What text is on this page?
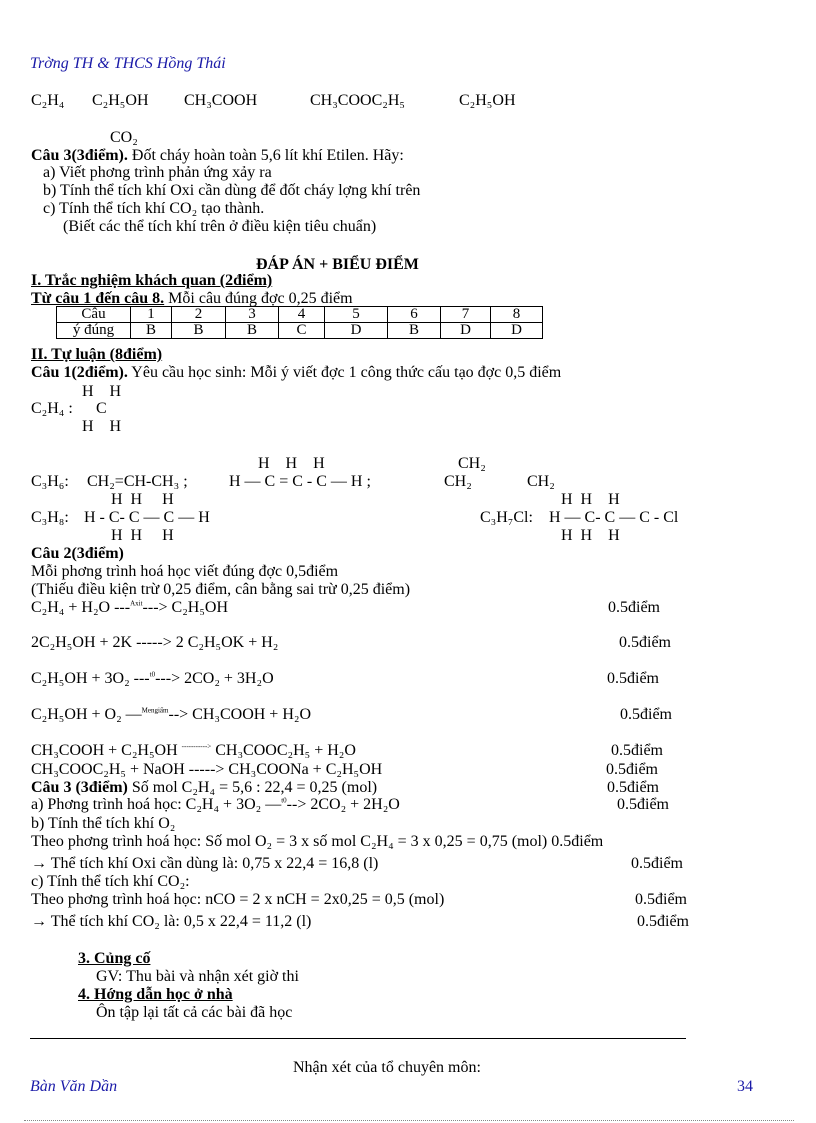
Trờng TH & THCS Hồng Thái
C₂H₄ C₂H₅OH CH₃COOH	CH₃COOC₂H₅	C₂H₅OH
CO₂
Câu 3(3điểm). Đốt cháy hoàn toàn 5,6 lít khí Etilen. Hãy:
a) Viết phơng trình phản ứng xảy ra
b) Tính thể tích khí Oxi cần dùng để đốt cháy lợng khí trên
c) Tính thể tích khí CO₂ tạo thành.
(Biết các thể tích khí trên ở điều kiện tiêu chuẩn)
ĐÁP ÁN + BIỂU ĐIỂM
I. Trắc nghiệm khách quan (2điểm)
Từ câu 1 đến câu 8. Mỗi câu đúng đợc 0,25 điểm
Câu	1	2	3	4	5	6	7	8
ý đúng	B	B	B	C	D	B	D	D
II. Tự luận (8điểm)
Câu 1(2điểm). Yêu cầu học sinh: Mỗi ý viết đợc 1 công thức cấu tạo đợc 0,5 điểm
H    H
C₂H₄ : C
H    H
H    H    H	CH₂
C₃H₆: CH₂=CH-CH₃ ;	H — C = C - C — H ;	CH₂	CH₂
H  H     H	H  H    H
C₃H₈: H - C- C — C — H	C₃H₇Cl: H — C- C — C - Cl
H  H     H	H  H    H
Câu 2(3điểm)
Mỗi phơng trình hoá học viết đúng đợc 0,5điểm
(Thiếu điều kiện trừ 0,25 điểm, cân bằng sai trừ 0,25 điểm)
C₂H₄ + H₂O ---$^{Axit}$---> C₂H₅OH	0.5điểm
2C₂H₅OH + 2K -----> 2 C₂H₅OK + H₂	0.5điểm
C₂H₅OH + 3O₂ ---$^{t0}$---> 2CO₂ + 3H₂O	0.5điểm
C₂H₅OH + O₂ —$^{Mengiấm}$--> CH₃COOH + H₂O	0.5điểm
CH₃COOH + C₂H₅OH -----------> CH₃COOC₂H₅ + H₂O	0.5điểm
CH₃COOC₂H₅ + NaOH -----> CH₃COONa + C₂H₅OH	0.5điểm
Câu 3 (3điểm) Số mol C₂H₄ = 5,6 : 22,4 = 0,25 (mol)	0.5điểm
a) Phơng trình hoá học: C₂H₄ + 3O₂ —$^{t0}$--> 2CO₂ + 2H₂O	0.5điểm
b) Tính thể tích khí O₂
Theo phơng trình hoá học: Số mol O₂ = 3 x số mol C₂H₄ = 3 x 0,25 = 0,75 (mol) 0.5điểm
→ Thể tích khí Oxi cần dùng là: 0,75 x 22,4 = 16,8 (l)	0.5điểm
c) Tính thể tích khí CO₂:
Theo phơng trình hoá học: nCO = 2 x nCH = 2x0,25 = 0,5 (mol)	0.5điểm
→ Thể tích khí CO₂ là: 0,5 x 22,4 = 11,2 (l)	0.5điểm
3. Củng cố
GV: Thu bài và nhận xét giờ thi
4. Hớng dẫn học ở nhà
Ôn tập lại tất cả các bài đã học
Nhận xét của tổ chuyên môn:
Bàn Văn Dần	34
